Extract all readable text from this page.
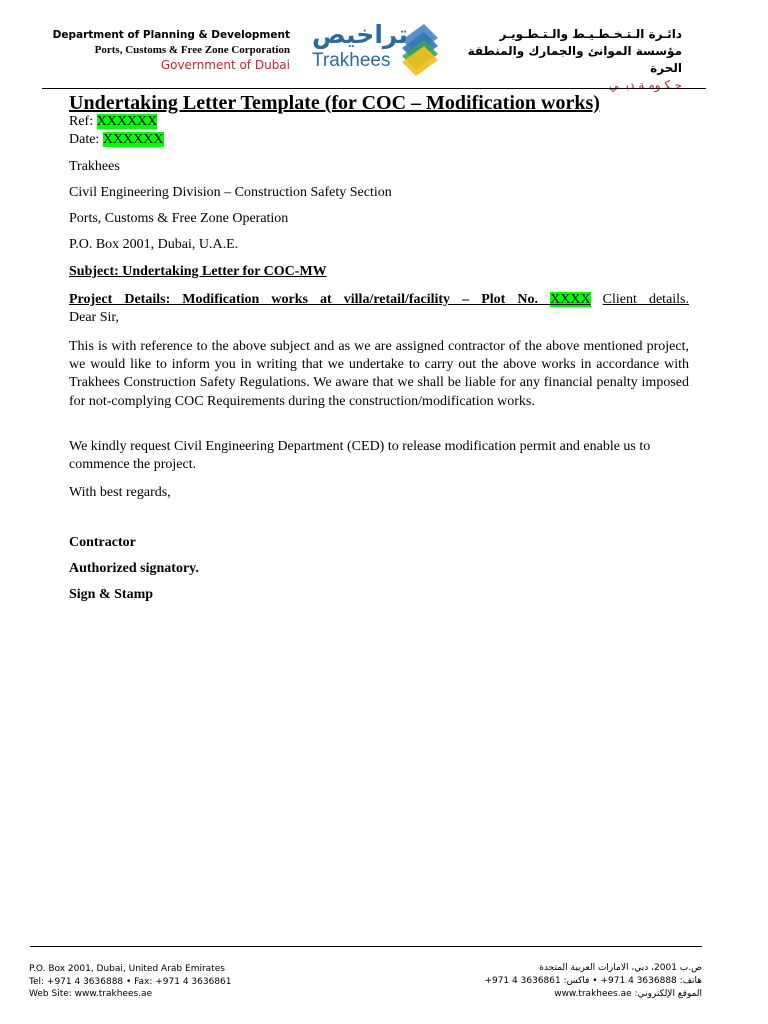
Department of Planning & Development
Ports, Customs & Free Zone Corporation
Government of Dubai
تراخيص
Trakhees
دائـرة الـتـخـطـيـط والـتـطـويـر
مؤسسة الموانئ والجمارك والمنطقة الحرة
حـكـومـة دبــي
Undertaking Letter Template (for COC – Modification works)
Ref: XXXXXX
Date: XXXXXX
Trakhees
Civil Engineering Division – Construction Safety Section
Ports, Customs & Free Zone Operation
P.O. Box 2001, Dubai, U.A.E.
Subject: Undertaking Letter for COC-MW
Project Details: Modification works at villa/retail/facility – Plot No. XXXX Client details.
Dear Sir,
This is with reference to the above subject and as we are assigned contractor of the above mentioned project, we would like to inform you in writing that we undertake to carry out the above works in accordance with Trakhees Construction Safety Regulations. We aware that we shall be liable for any financial penalty imposed for not-complying COC Requirements during the construction/modification works.
We kindly request Civil Engineering Department (CED) to release modification permit and enable us to commence the project.
With best regards,
Contractor
Authorized signatory.
Sign & Stamp
P.O. Box 2001, Dubai, United Arab Emirates
Tel: +971 4 3636888 • Fax: +971 4 3636861
Web Site: www.trakhees.ae
ص.ب 2001، دبي، الامارات العربية المتحدة
هاتف: 3636888 4 971+ • فاكس: 3636861 4 971+
الموقع الإلكتروني: www.trakhees.ae
